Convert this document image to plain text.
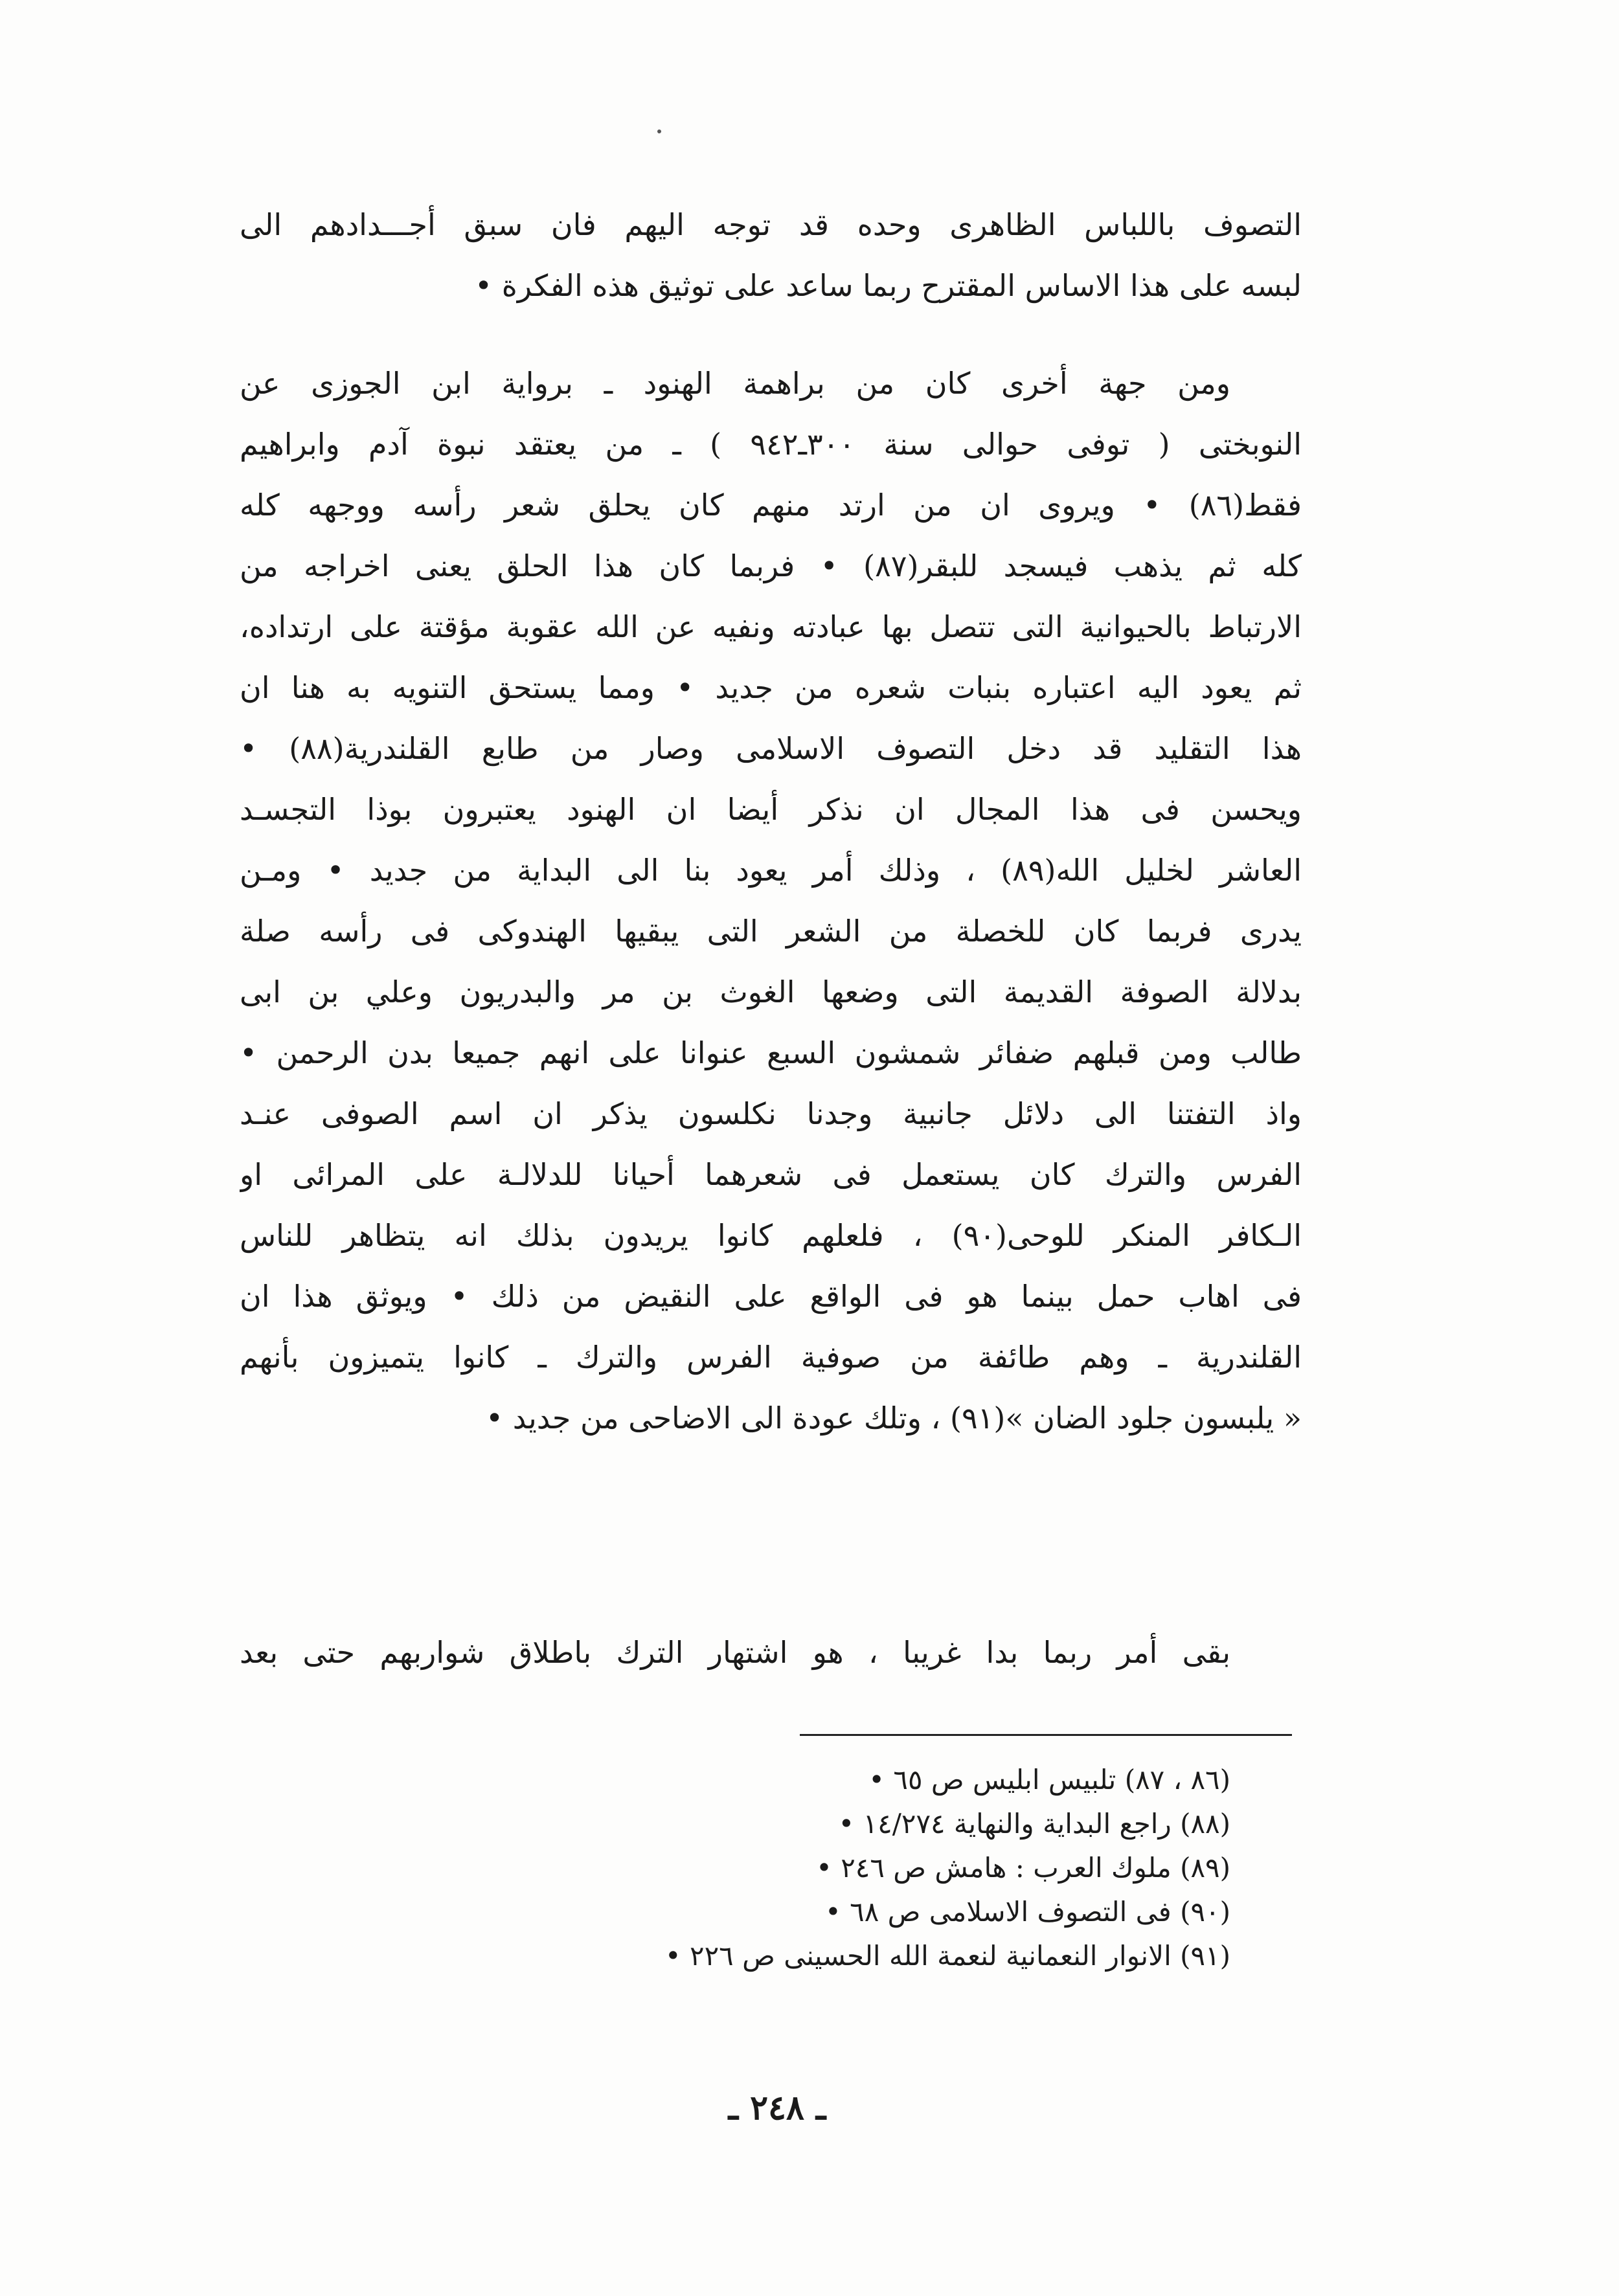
التصوف باللباس الظاهرى وحده قد توجه اليهم فان سبق أجـــدادهم الى
لبسه على هذا الاساس المقترح ربما ساعد على توثيق هذه الفكرة •
ومن جهة أخرى كان من براهمة الهنود ـ برواية ابن الجوزى عن
النوبختى ( توفى حوالى سنة ٣٠٠ـ٩٤٢ ) ـ من يعتقد نبوة آدم وابراهيم
فقط(٨٦) • ويروى ان من ارتد منهم كان يحلق شعر رأسه ووجهه كله
كله ثم يذهب فيسجد للبقر(٨٧) • فربما كان هذا الحلق يعنى اخراجه من
الارتباط بالحيوانية التى تتصل بها عبادته ونفيه عن الله عقوبة مؤقتة على ارتداده،
ثم يعود اليه اعتباره بنبات شعره من جديد • ومما يستحق التنويه به هنا ان
هذا التقليد قد دخل التصوف الاسلامى وصار من طابع القلندرية(٨٨) •
ويحسن فى هذا المجال ان نذكر أيضا ان الهنود يعتبرون بوذا التجسـد
العاشر لخليل الله(٨٩) ، وذلك أمر يعود بنا الى البداية من جديد • ومـن
يدرى فربما كان للخصلة من الشعر التى يبقيها الهندوكى فى رأسه صلة
بدلالة الصوفة القديمة التى وضعها الغوث بن مر والبدريون وعلي بن ابى
طالب ومن قبلهم ضفائر شمشون السبع عنوانا على انهم جميعا بدن الرحمن •
واذ التفتنا الى دلائل جانبية وجدنا نكلسون يذكر ان اسم الصوفى عنـد
الفرس والترك كان يستعمل فى شعرهما أحيانا للدلالـة على المرائى او
الـكافر المنكر للوحى(٩٠) ، فلعلهم كانوا يريدون بذلك انه يتظاهر للناس
فى اهاب حمل بينما هو فى الواقع على النقيض من ذلك • ويوثق هذا ان
القلندرية ـ وهم طائفة من صوفية الفرس والترك ـ كانوا يتميزون بأنهم
« يلبسون جلود الضان »(٩١) ، وتلك عودة الى الاضاحى من جديد •
بقى أمر ربما بدا غريبا ، هو اشتهار الترك باطلاق شواربهم حتى بعد
(٨٦ ، ٨٧) تلبيس ابليس ص ٦٥ •
(٨٨) راجع البداية والنهاية ١٤/٢٧٤ •
(٨٩) ملوك العرب : هامش ص ٢٤٦ •
(٩٠) فى التصوف الاسلامى ص ٦٨ •
(٩١) الانوار النعمانية لنعمة الله الحسينى ص ٢٢٦ •
ـ ٢٤٨ ـ
